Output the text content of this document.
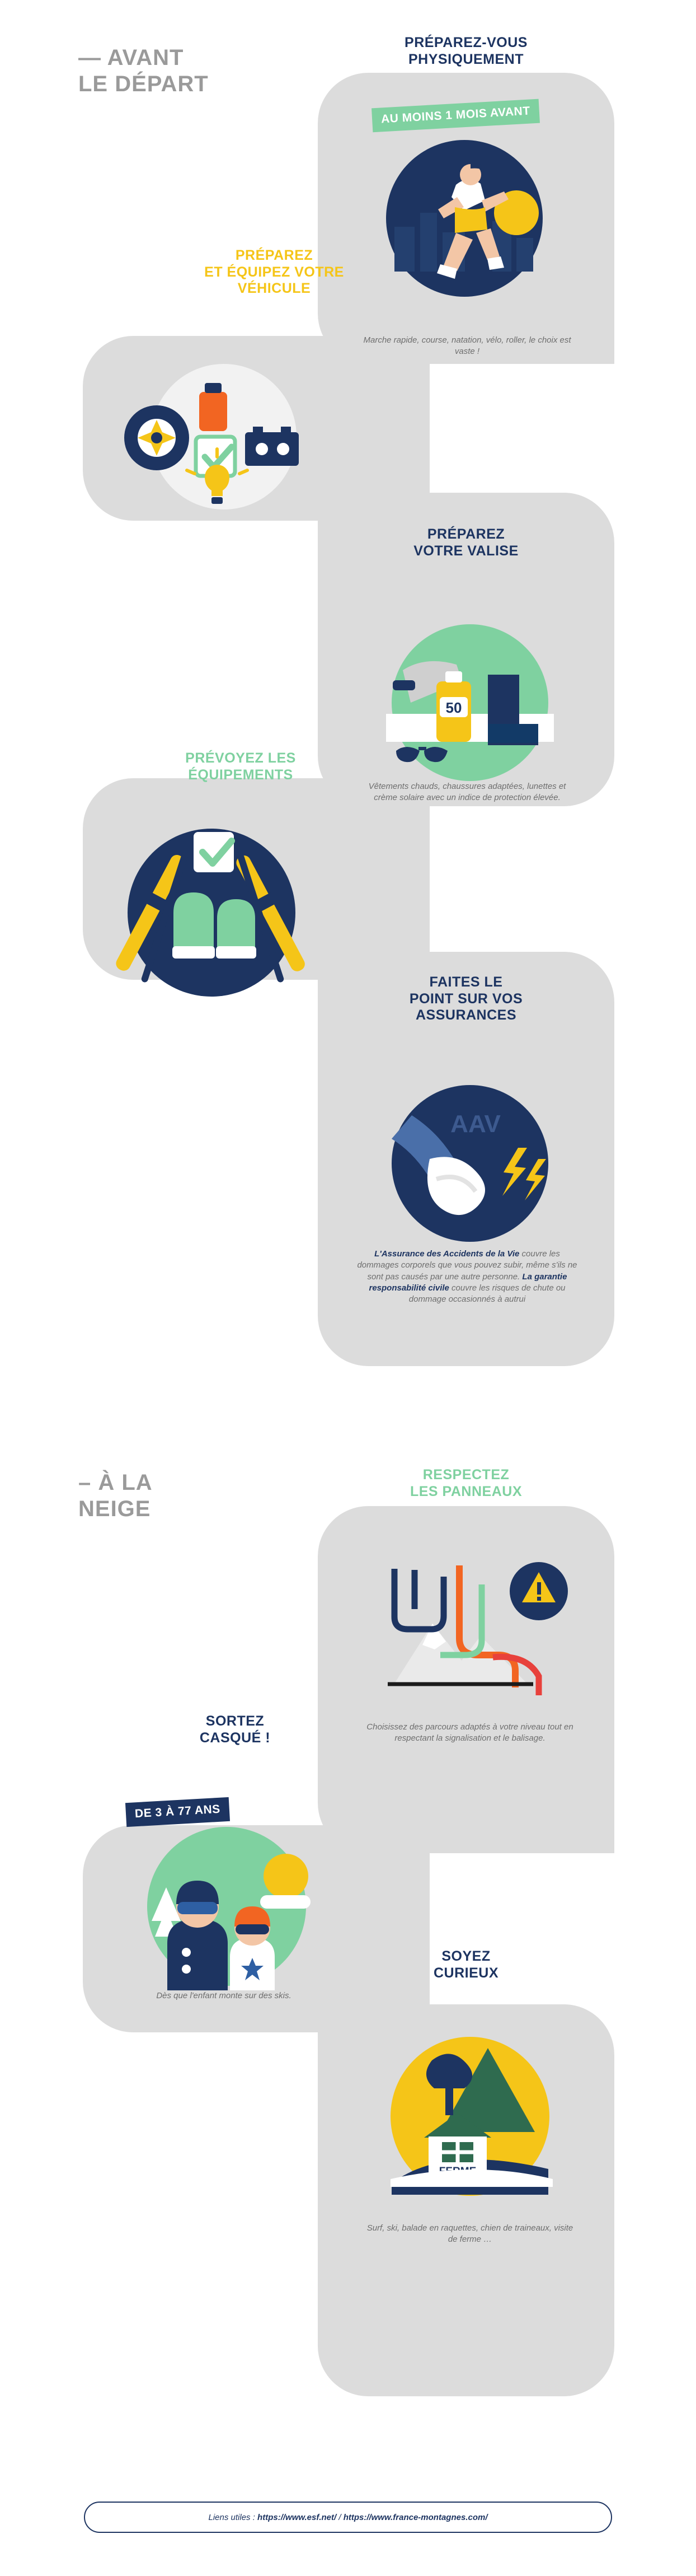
— AVANT
LE DÉPART
PRÉPAREZ-VOUS
PHYSIQUEMENT
AU MOINS 1 MOIS AVANT
Marche rapide, course, natation, vélo, roller, le choix est vaste !
PRÉPAREZ
ET ÉQUIPEZ VOTRE
VÉHICULE
PRÉPAREZ
VOTRE VALISE
50
Vêtements chauds, chaussures adaptées, lunettes et crème solaire avec un indice de protection élevée.
PRÉVOYEZ LES
ÉQUIPEMENTS
FAITES LE
POINT SUR VOS
ASSURANCES
AAV
L'Assurance des Accidents de la Vie couvre les dommages corporels que vous pouvez subir, même s'ils ne sont pas causés par une autre personne. La garantie responsabilité civile couvre les risques de chute ou dommage occasionnés à autrui
– À LA
NEIGE
RESPECTEZ
LES PANNEAUX
Choisissez des parcours adaptés à votre niveau tout en respectant la signalisation et le balisage.
SORTEZ
CASQUÉ !
DE 3 À 77 ANS
Dès que l'enfant monte sur des skis.
SOYEZ
CURIEUX
Surf, ski, balade en raquettes, chien de traineaux, visite de ferme …
Liens utiles : https://www.esf.net/ / https://www.france-montagnes.com/
